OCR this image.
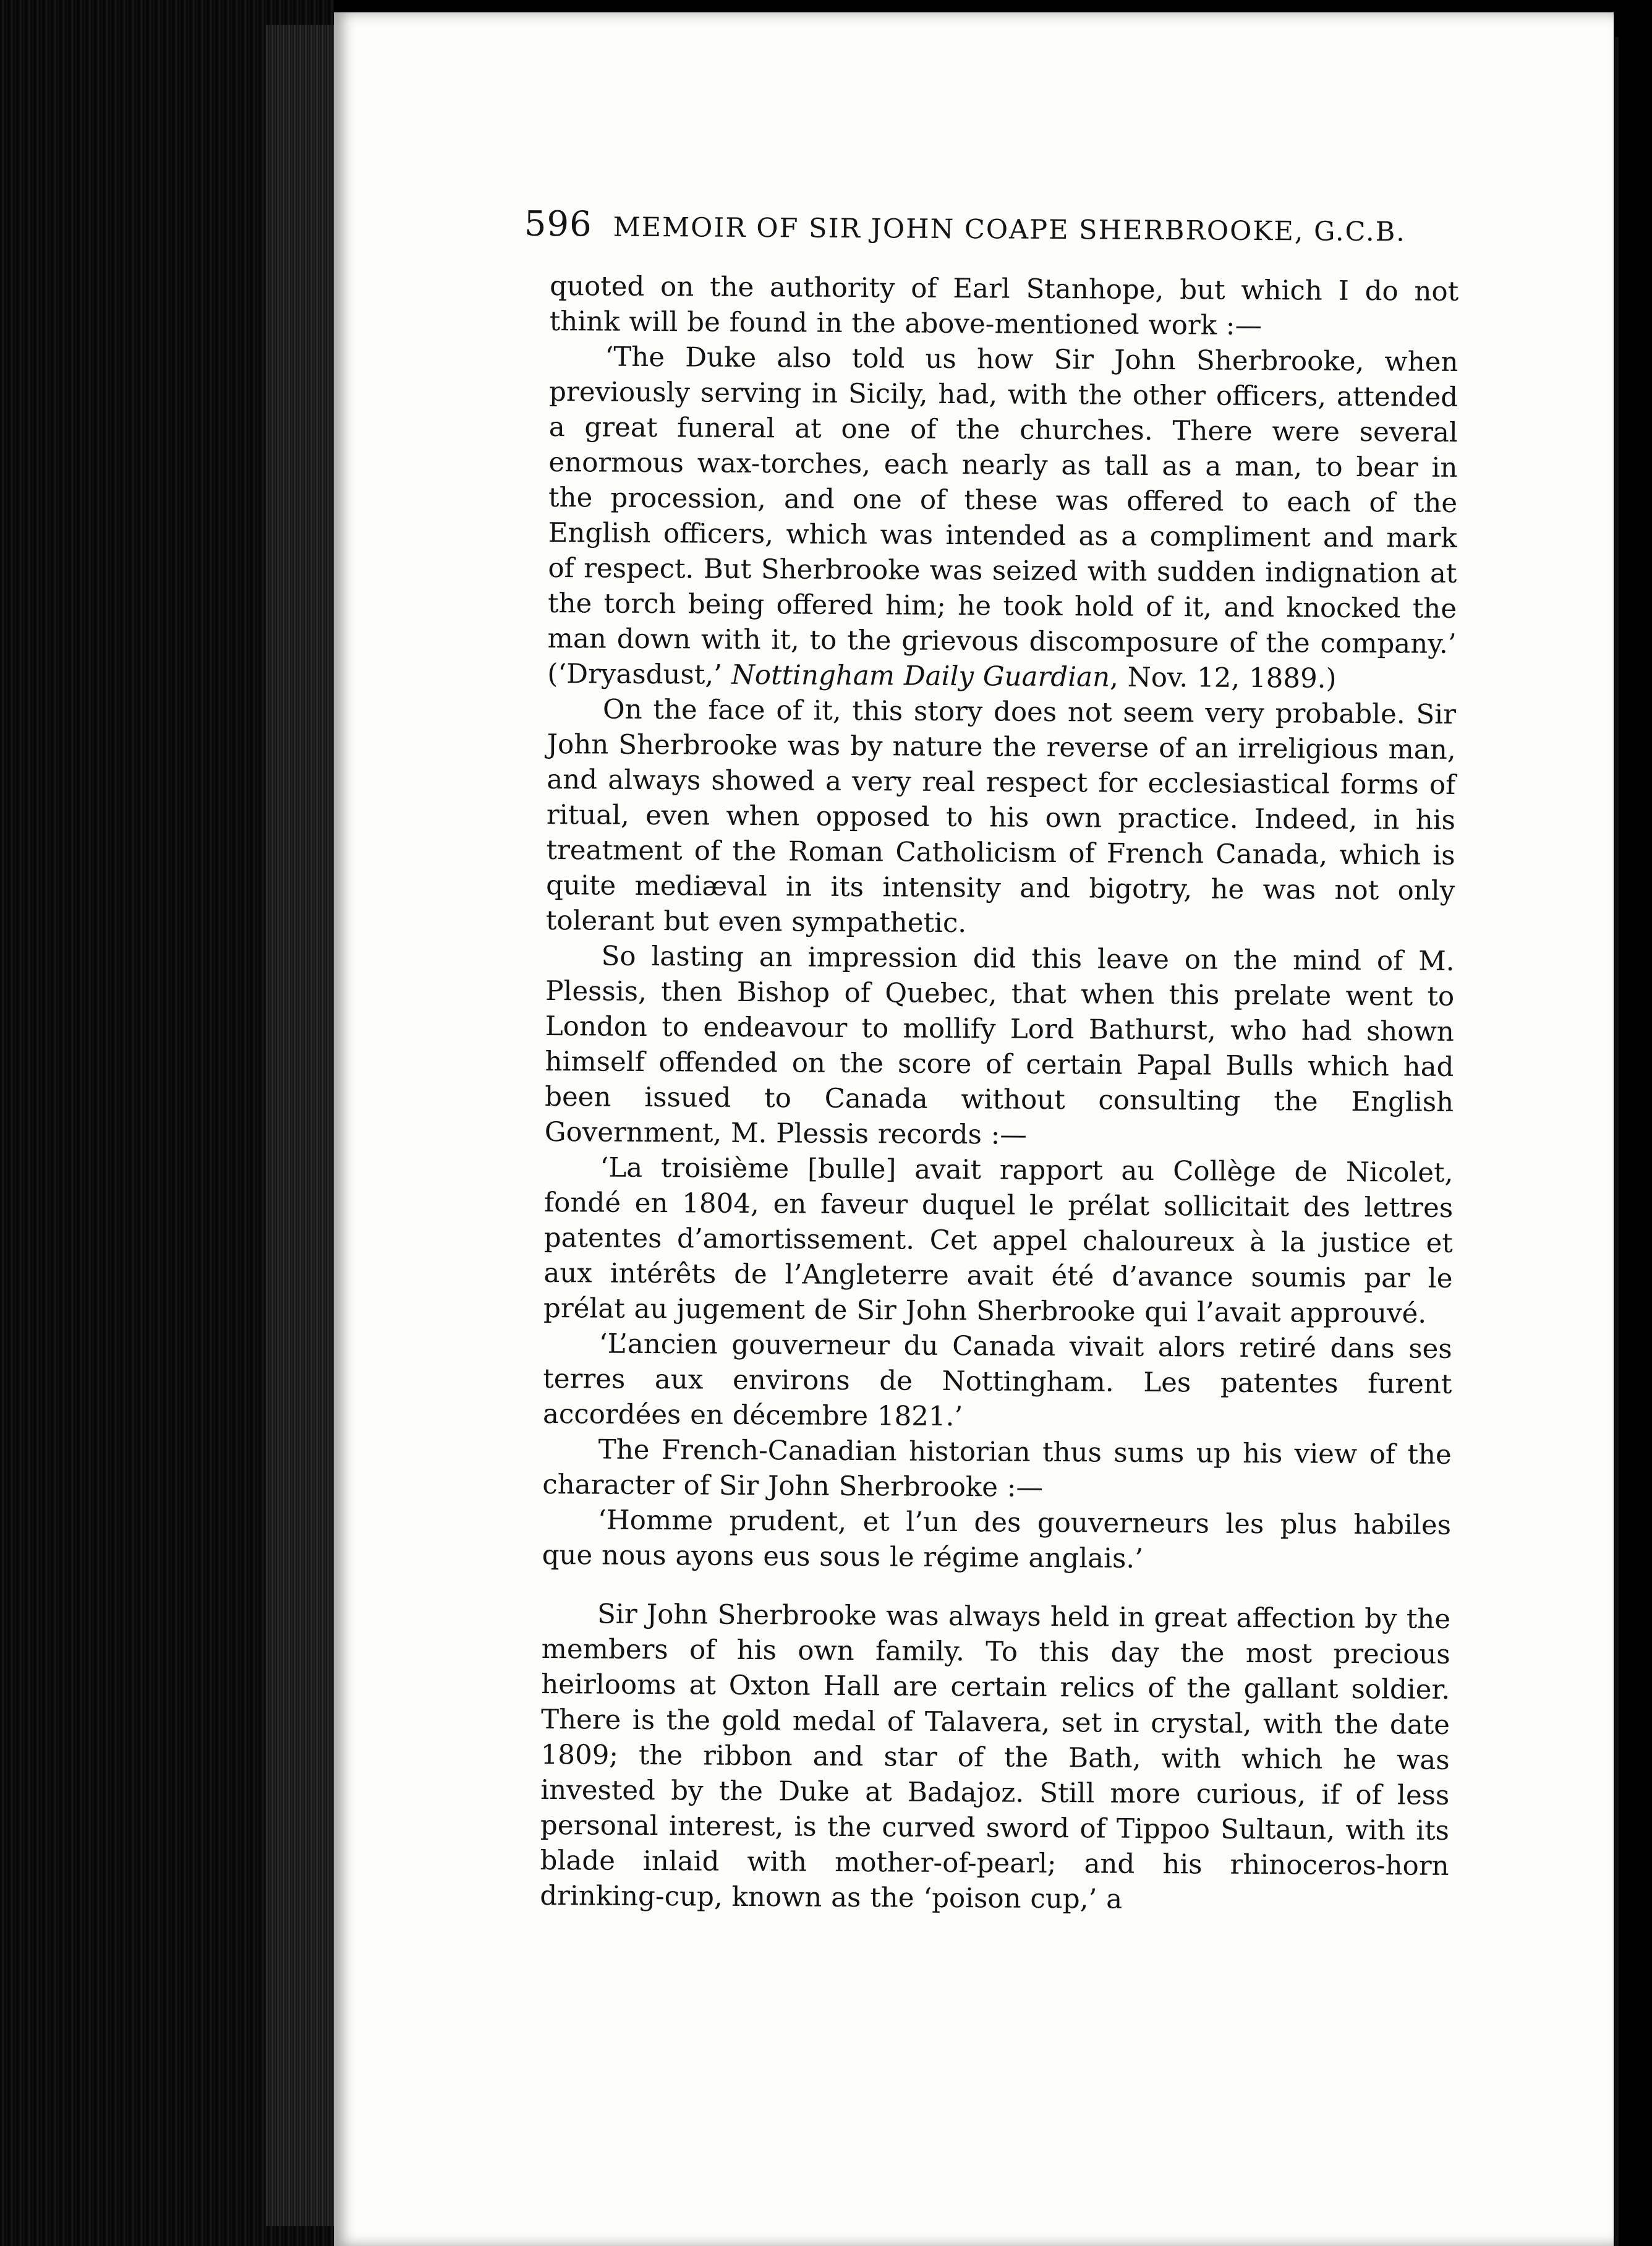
596 MEMOIR OF SIR JOHN COAPE SHERBROOKE, G.C.B.

quoted on the authority of Earl Stanhope, but which I do not think will be found in the above-mentioned work :—

‘The Duke also told us how Sir John Sherbrooke, when previously serving in Sicily, had, with the other officers, attended a great funeral at one of the churches. There were several enormous wax-torches, each nearly as tall as a man, to bear in the procession, and one of these was offered to each of the English officers, which was intended as a compliment and mark of respect. But Sherbrooke was seized with sudden indignation at the torch being offered him; he took hold of it, and knocked the man down with it, to the grievous discomposure of the company.’ (‘Dryasdust,’ Nottingham Daily Guardian, Nov. 12, 1889.)

On the face of it, this story does not seem very probable. Sir John Sherbrooke was by nature the reverse of an irreligious man, and always showed a very real respect for ecclesiastical forms of ritual, even when opposed to his own practice. Indeed, in his treatment of the Roman Catholicism of French Canada, which is quite mediæval in its intensity and bigotry, he was not only tolerant but even sympathetic.

So lasting an impression did this leave on the mind of M. Plessis, then Bishop of Quebec, that when this prelate went to London to endeavour to mollify Lord Bathurst, who had shown himself offended on the score of certain Papal Bulls which had been issued to Canada without consulting the English Government, M. Plessis records :—

‘La troisième [bulle] avait rapport au Collège de Nicolet, fondé en 1804, en faveur duquel le prélat sollicitait des lettres patentes d’amortissement. Cet appel chaloureux à la justice et aux intérêts de l’Angleterre avait été d’avance soumis par le prélat au jugement de Sir John Sherbrooke qui l’avait approuvé.

‘L’ancien gouverneur du Canada vivait alors retiré dans ses terres aux environs de Nottingham. Les patentes furent accordées en décembre 1821.’

The French-Canadian historian thus sums up his view of the character of Sir John Sherbrooke :—

‘Homme prudent, et l’un des gouverneurs les plus habiles que nous ayons eus sous le régime anglais.’

Sir John Sherbrooke was always held in great affection by the members of his own family. To this day the most precious heirlooms at Oxton Hall are certain relics of the gallant soldier. There is the gold medal of Talavera, set in crystal, with the date 1809; the ribbon and star of the Bath, with which he was invested by the Duke at Badajoz. Still more curious, if of less personal interest, is the curved sword of Tippoo Sultaun, with its blade inlaid with mother-of-pearl; and his rhinoceros-horn drinking-cup, known as the ‘poison cup,’ a
